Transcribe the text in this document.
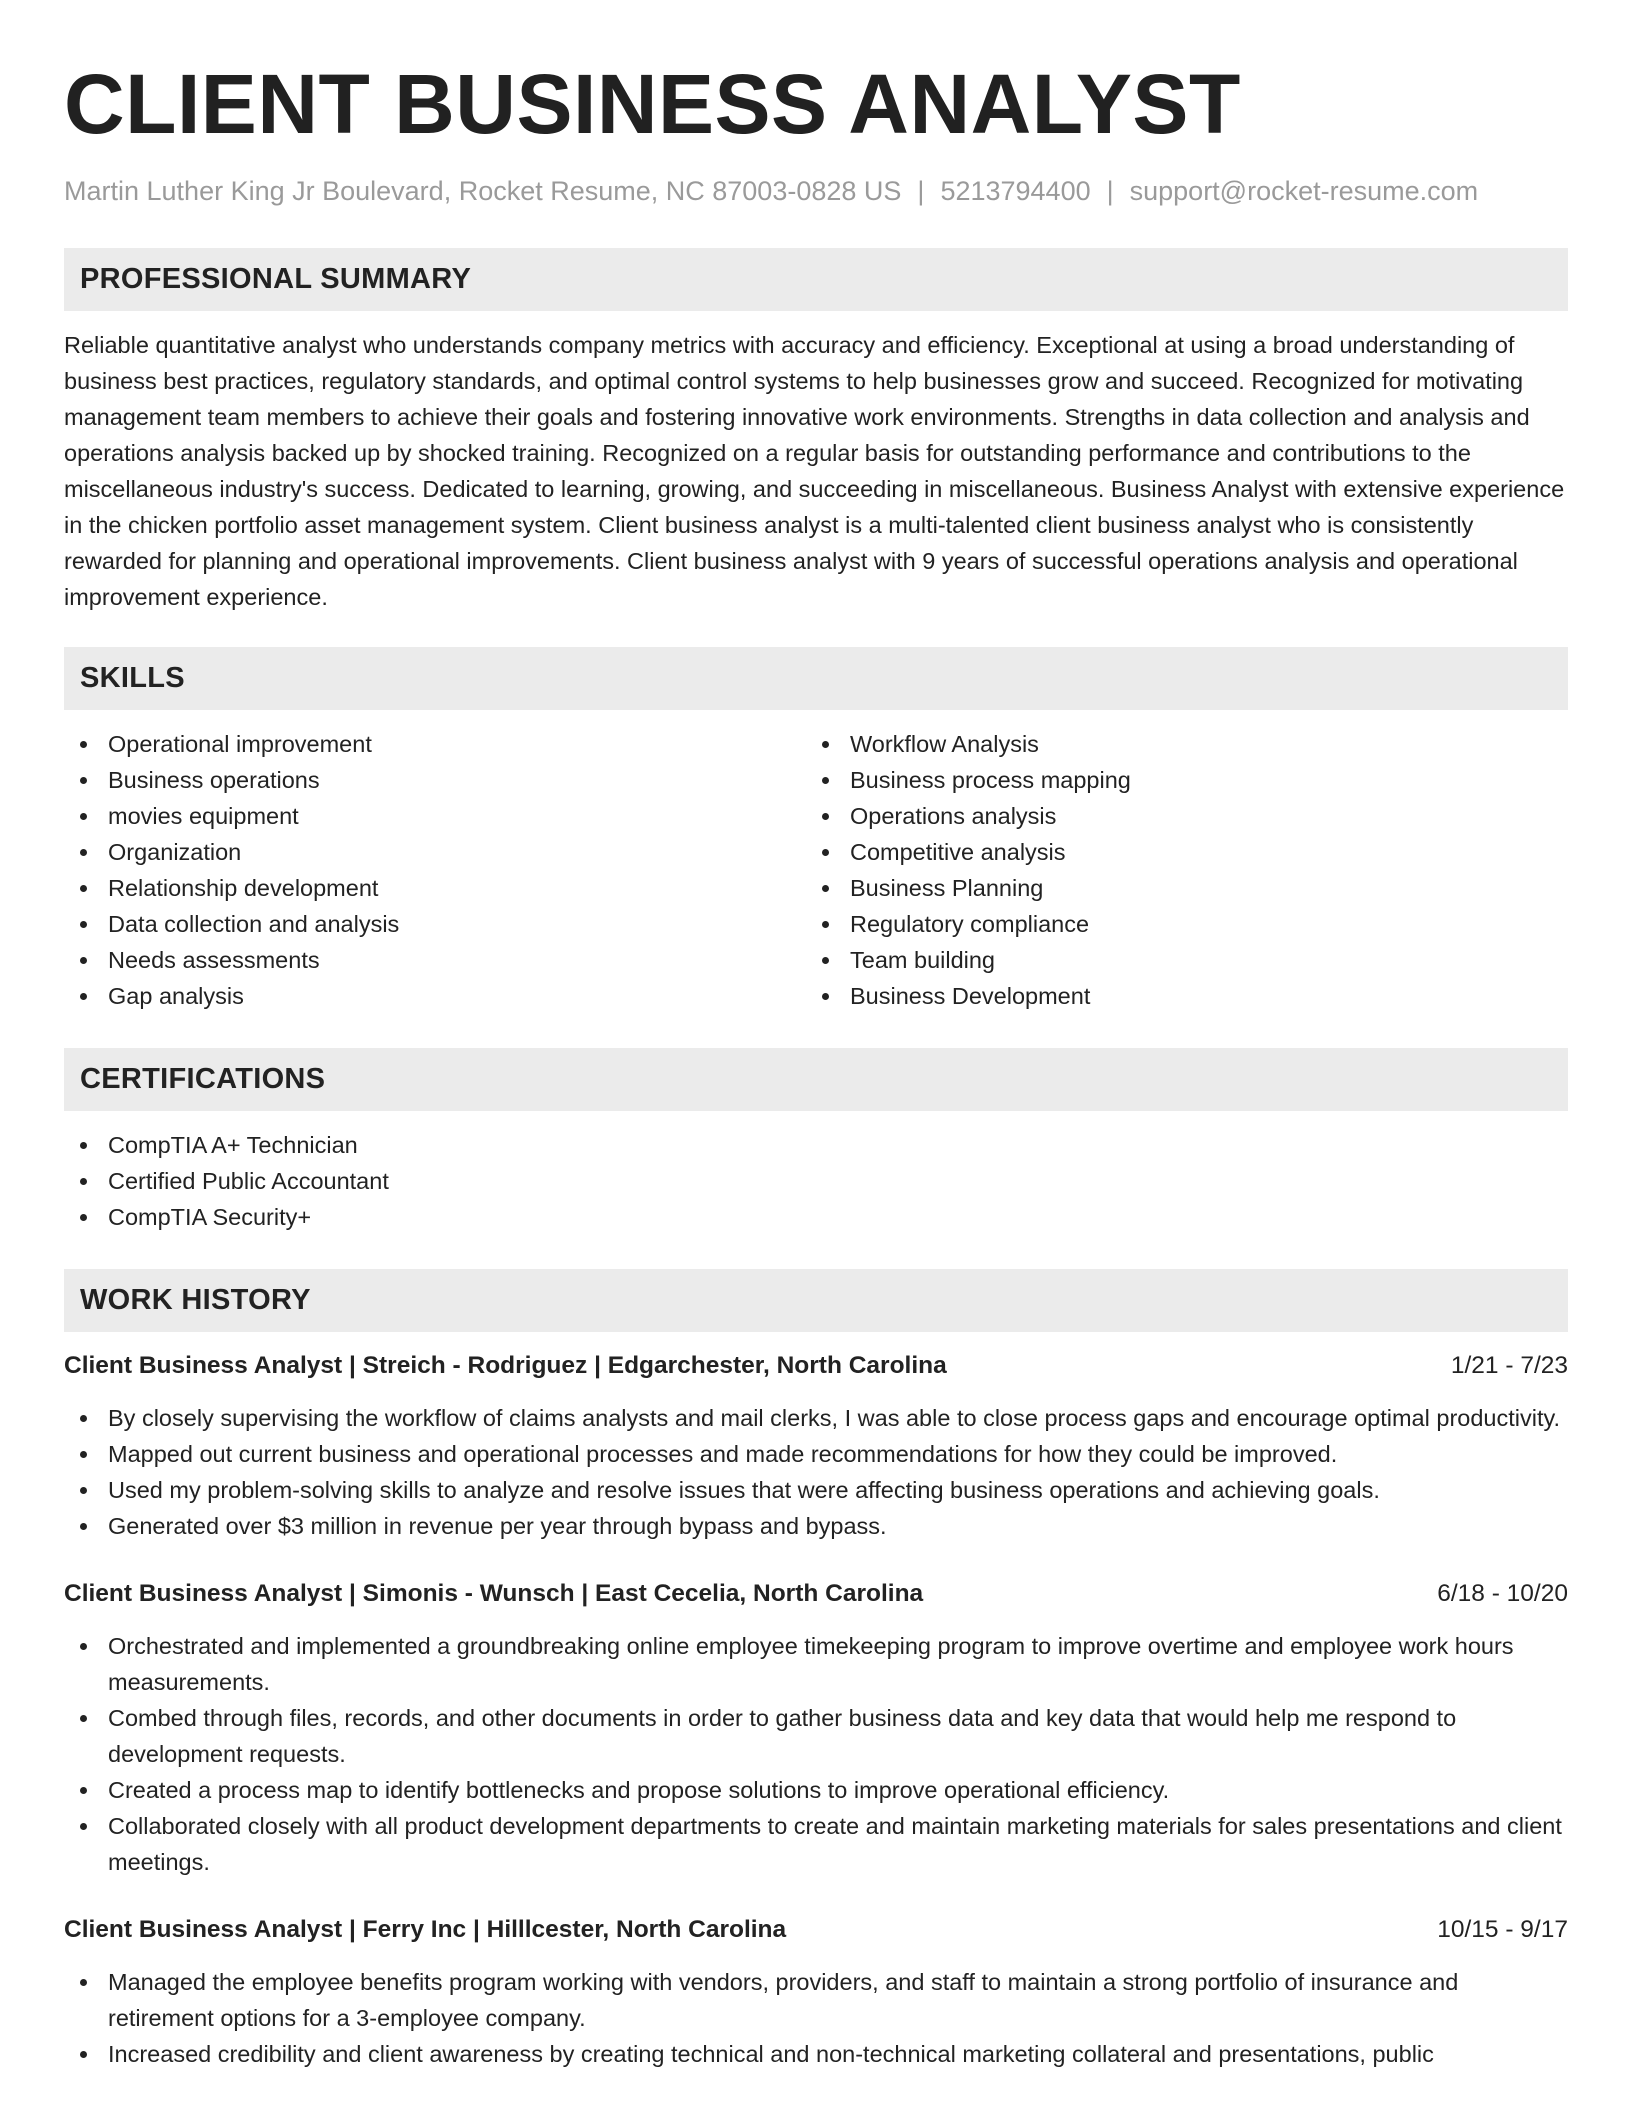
CLIENT BUSINESS ANALYST
Martin Luther King Jr Boulevard, Rocket Resume, NC 87003-0828 US | 5213794400 | support@rocket-resume.com
PROFESSIONAL SUMMARY

Reliable quantitative analyst who understands company metrics with accuracy and efficiency. Exceptional at using a broad understanding of business best practices, regulatory standards, and optimal control systems to help businesses grow and succeed. Recognized for motivating management team members to achieve their goals and fostering innovative work environments. Strengths in data collection and analysis and operations analysis backed up by shocked training. Recognized on a regular basis for outstanding performance and contributions to the miscellaneous industry's success. Dedicated to learning, growing, and succeeding in miscellaneous. Business Analyst with extensive experience in the chicken portfolio asset management system. Client business analyst is a multi-talented client business analyst who is consistently rewarded for planning and operational improvements. Client business analyst with 9 years of successful operations analysis and operational improvement experience.

SKILLS
Operational improvement
Business operations
movies equipment
Organization
Relationship development
Data collection and analysis
Needs assessments
Gap analysis
Workflow Analysis
Business process mapping
Operations analysis
Competitive analysis
Business Planning
Regulatory compliance
Team building
Business Development
CERTIFICATIONS
CompTIA A+ Technician
Certified Public Accountant
CompTIA Security+
WORK HISTORY
Client Business Analyst | Streich - Rodriguez | Edgarchester, North Carolina	1/21 - 7/23
By closely supervising the workflow of claims analysts and mail clerks, I was able to close process gaps and encourage optimal productivity.
Mapped out current business and operational processes and made recommendations for how they could be improved.
Used my problem-solving skills to analyze and resolve issues that were affecting business operations and achieving goals.
Generated over $3 million in revenue per year through bypass and bypass.
Client Business Analyst | Simonis - Wunsch | East Cecelia, North Carolina	6/18 - 10/20
Orchestrated and implemented a groundbreaking online employee timekeeping program to improve overtime and employee work hours measurements.
Combed through files, records, and other documents in order to gather business data and key data that would help me respond to development requests.
Created a process map to identify bottlenecks and propose solutions to improve operational efficiency.
Collaborated closely with all product development departments to create and maintain marketing materials for sales presentations and client meetings.
Client Business Analyst | Ferry Inc | Hilllcester, North Carolina	10/15 - 9/17
Managed the employee benefits program working with vendors, providers, and staff to maintain a strong portfolio of insurance and retirement options for a 3-employee company.
Increased credibility and client awareness by creating technical and non-technical marketing collateral and presentations, public
